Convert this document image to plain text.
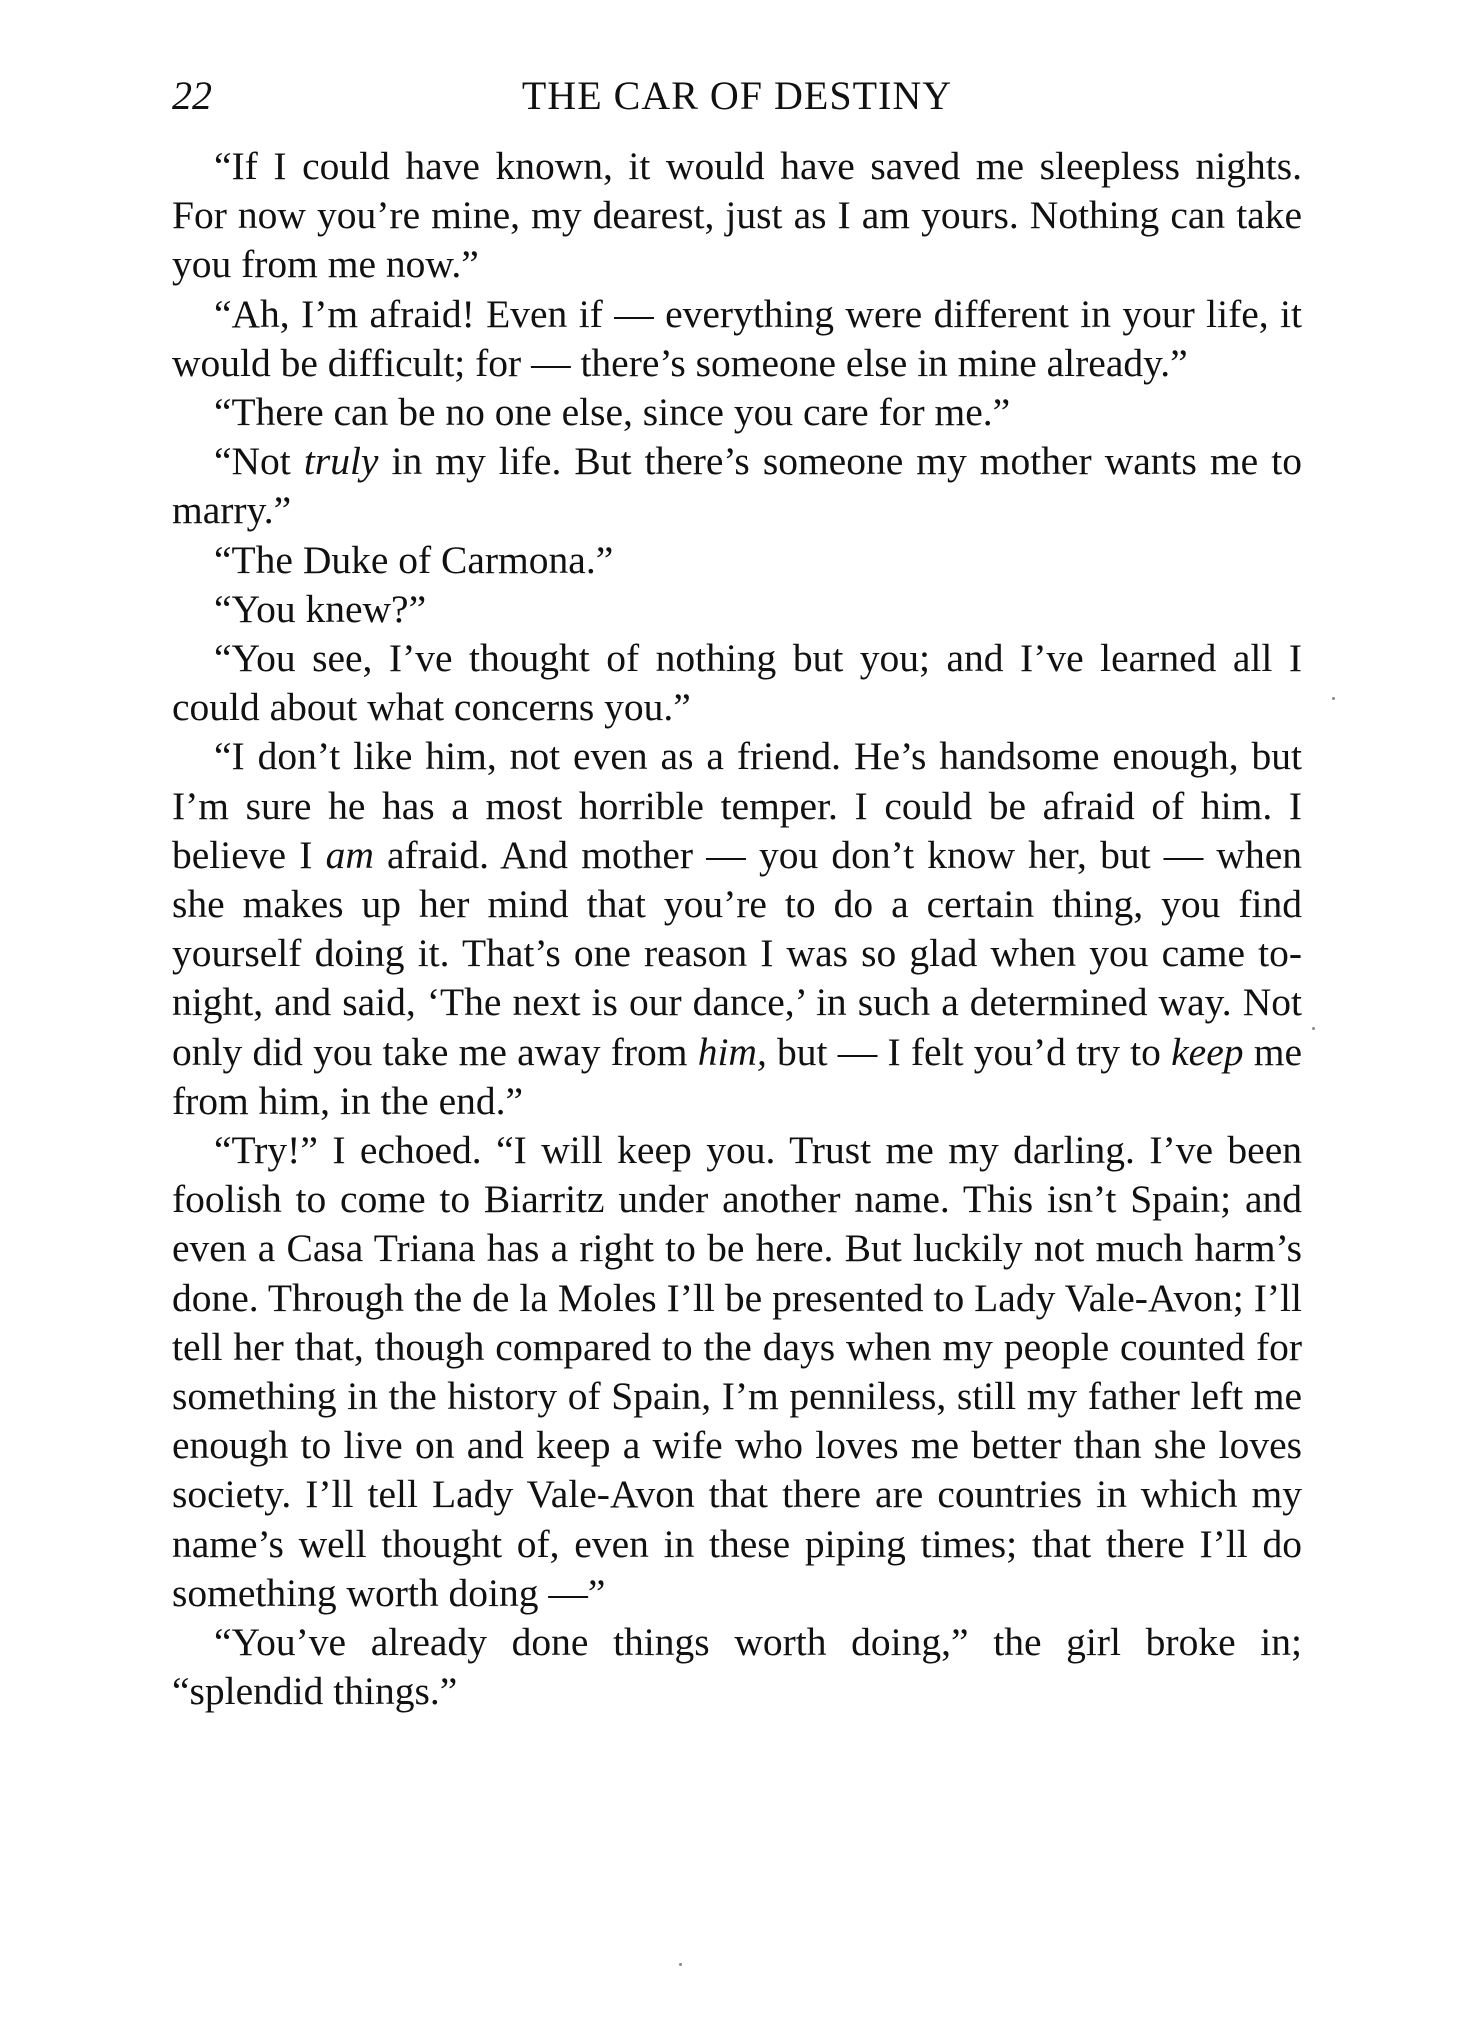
22	THE CAR OF DESTINY

“If I could have known, it would have saved me sleepless nights. For now you’re mine, my dearest, just as I am yours. Nothing can take you from me now.”

“Ah, I’m afraid! Even if — everything were different in your life, it would be difficult; for — there’s someone else in mine already.”

“There can be no one else, since you care for me.”

“Not truly in my life. But there’s someone my mother wants me to marry.”

“The Duke of Carmona.”

“You knew?”

“You see, I’ve thought of nothing but you; and I’ve learned all I could about what concerns you.”

“I don’t like him, not even as a friend. He’s handsome enough, but I’m sure he has a most horrible temper. I could be afraid of him. I believe I am afraid. And mother — you don’t know her, but — when she makes up her mind that you’re to do a certain thing, you find yourself doing it. That’s one reason I was so glad when you came to-night, and said, ‘The next is our dance,’ in such a determined way. Not only did you take me away from him, but — I felt you’d try to keep me from him, in the end.”

“Try!” I echoed. “I will keep you. Trust me my darling. I’ve been foolish to come to Biarritz under another name. This isn’t Spain; and even a Casa Triana has a right to be here. But luckily not much harm’s done. Through the de la Moles I’ll be presented to Lady Vale-Avon; I’ll tell her that, though compared to the days when my people counted for something in the history of Spain, I’m penniless, still my father left me enough to live on and keep a wife who loves me better than she loves society. I’ll tell Lady Vale-Avon that there are countries in which my name’s well thought of, even in these piping times; that there I’ll do something worth doing —”

“You’ve already done things worth doing,” the girl broke in; “splendid things.”
